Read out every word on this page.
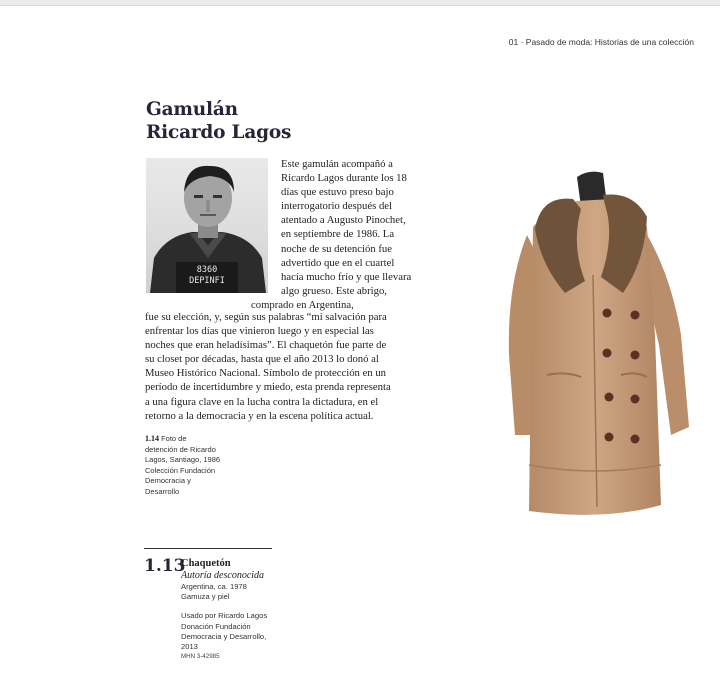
01 · Pasado de moda: Historias de una colección
Gamulán
Ricardo Lagos
8360
DEPINFI
Este gamulán acompañó a
Ricardo Lagos durante los 18
días que estuvo preso bajo
interrogatorio después del
atentado a Augusto Pinochet,
en septiembre de 1986. La
noche de su detención fue
advertido que en el cuartel
hacía mucho frío y que llevara
algo grueso. Este abrigo,
comprado en Argentina,
fue su elección, y, según sus palabras “mi salvación para
enfrentar los días que vinieron luego y en especial las
noches que eran heladísimas”. El chaquetón fue parte de
su closet por décadas, hasta que el año 2013 lo donó al
Museo Histórico Nacional. Símbolo de protección en un
período de incertidumbre y miedo, esta prenda representa
a una figura clave en la lucha contra la dictadura, en el
retorno a la democracia y en la escena política actual.
1.14 Foto de
detención de Ricardo
Lagos, Santiago, 1986
Colección Fundación
Democracia y
Desarrollo
1.13
Chaquetón
Autoría desconocida
Argentina, ca. 1978
Gamuza y piel
Usado por Ricardo Lagos
Donación Fundación
Democracia y Desarrollo,
2013
MHN 3-42985
